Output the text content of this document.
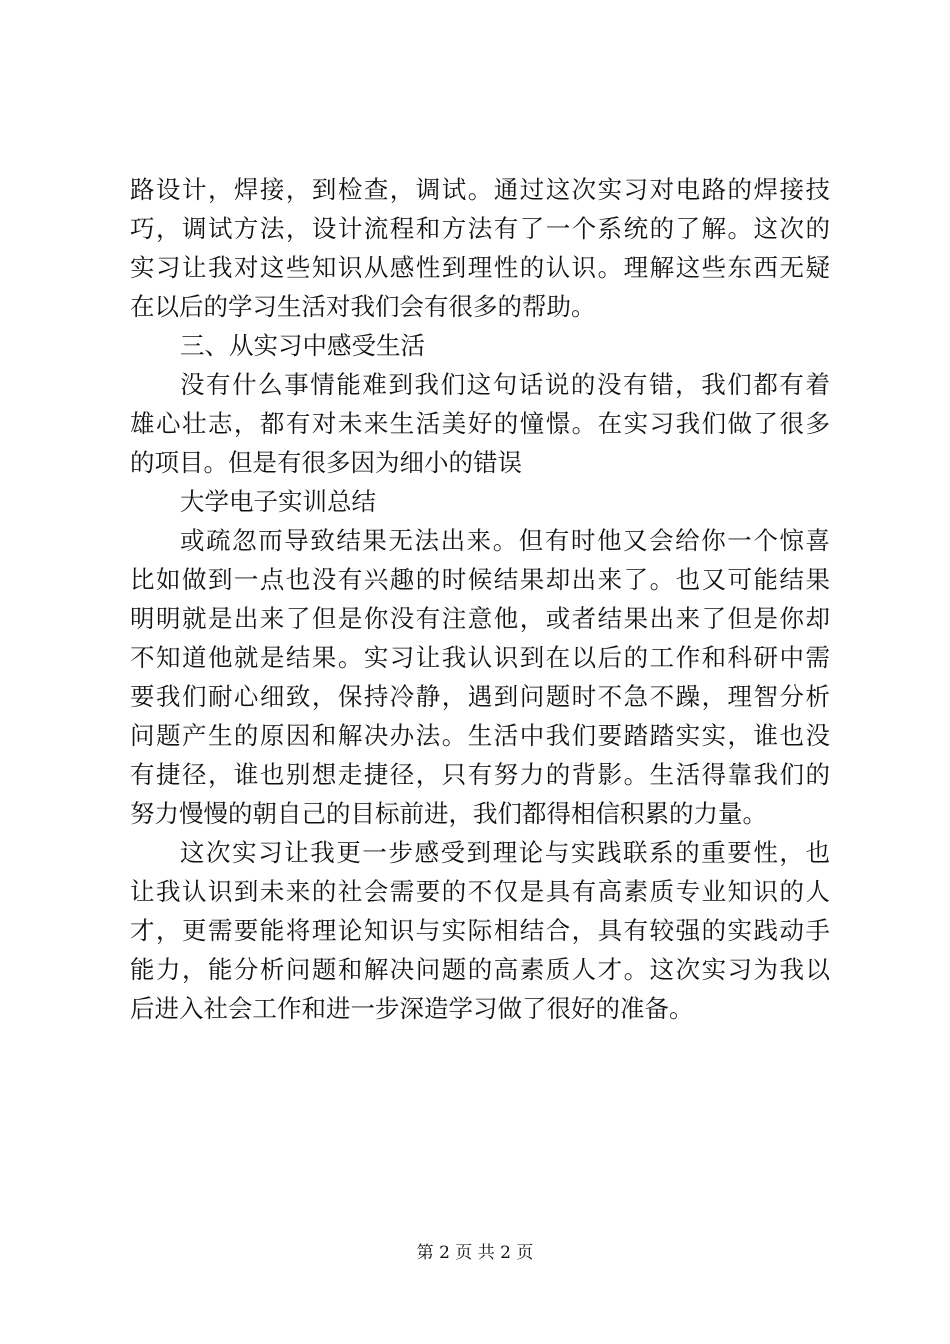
路设计，焊接，到检查，调试。通过这次实习对电路的焊接技
巧，调试方法，设计流程和方法有了一个系统的了解。这次的
实习让我对这些知识从感性到理性的认识。理解这些东西无疑
在以后的学习生活对我们会有很多的帮助。
三、从实习中感受生活
没有什么事情能难到我们这句话说的没有错，我们都有着
雄心壮志，都有对未来生活美好的憧憬。在实习我们做了很多
的项目。但是有很多因为细小的错误
大学电子实训总结
或疏忽而导致结果无法出来。但有时他又会给你一个惊喜
比如做到一点也没有兴趣的时候结果却出来了。也又可能结果
明明就是出来了但是你没有注意他，或者结果出来了但是你却
不知道他就是结果。实习让我认识到在以后的工作和科研中需
要我们耐心细致，保持冷静，遇到问题时不急不躁，理智分析
问题产生的原因和解决办法。生活中我们要踏踏实实，谁也没
有捷径，谁也别想走捷径，只有努力的背影。生活得靠我们的
努力慢慢的朝自己的目标前进，我们都得相信积累的力量。
这次实习让我更一步感受到理论与实践联系的重要性，也
让我认识到未来的社会需要的不仅是具有高素质专业知识的人
才，更需要能将理论知识与实际相结合，具有较强的实践动手
能力，能分析问题和解决问题的高素质人才。这次实习为我以
后进入社会工作和进一步深造学习做了很好的准备。
第 2 页 共 2 页
